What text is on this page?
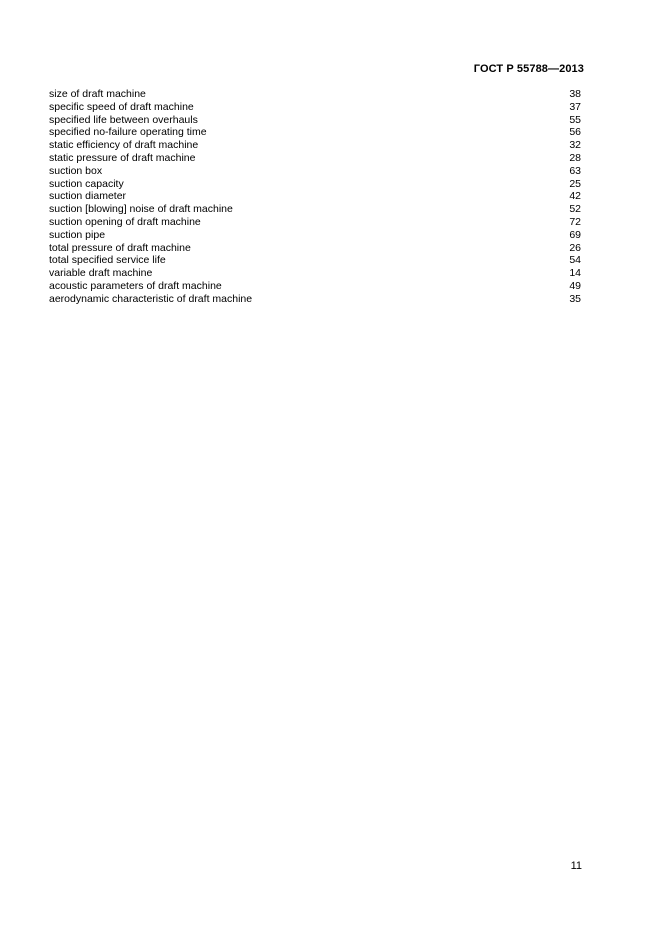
ГОСТ Р 55788—2013
size of draft machine	38
specific speed of draft machine	37
specified life between overhauls	55
specified no-failure operating time	56
static efficiency of draft machine	32
static pressure of draft machine	28
suction box	63
suction capacity	25
suction diameter	42
suction [blowing] noise of draft machine	52
suction opening of draft machine	72
suction pipe	69
total pressure of draft machine	26
total specified service life	54
variable draft machine	14
acoustic parameters of draft machine	49
aerodynamic characteristic of draft machine	35
11
